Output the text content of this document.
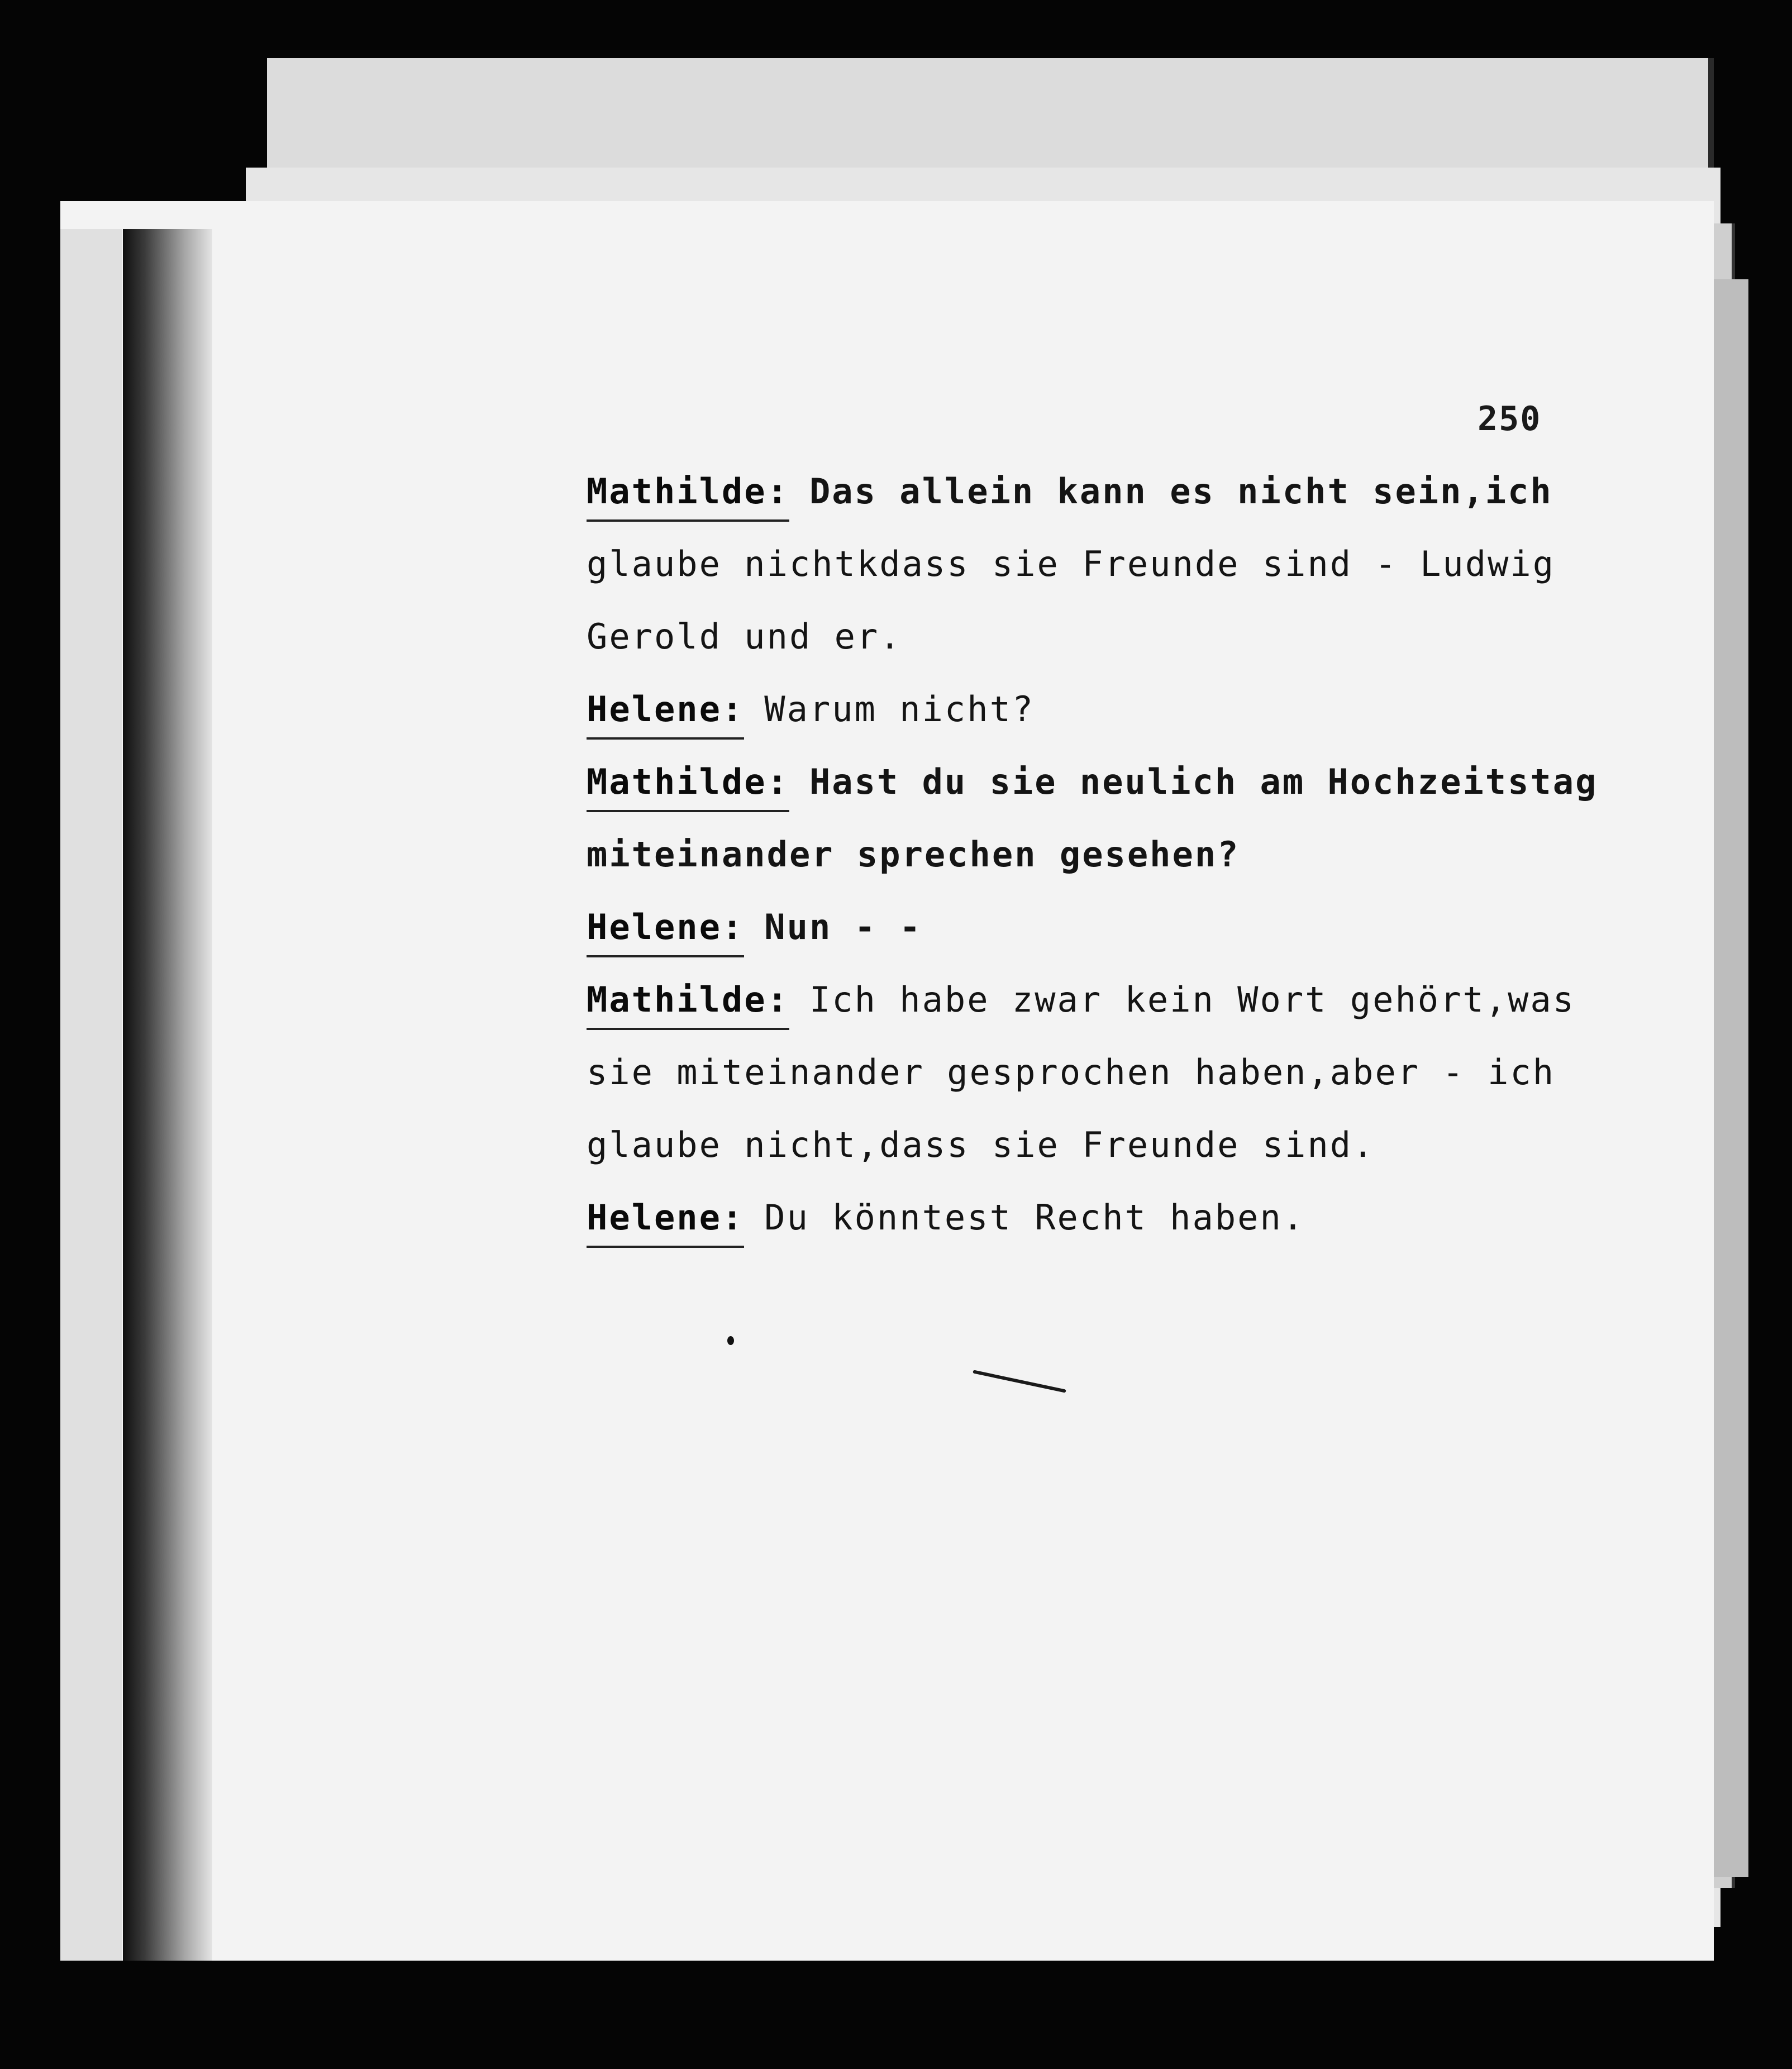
250
Mathilde: Das allein kann es nicht sein,ich
glaube nichtkdass sie Freunde sind - Ludwig
Gerold und er.
Helene: Warum nicht?
Mathilde: Hast du sie neulich am Hochzeitstag
miteinander sprechen gesehen?
Helene: Nun - -
Mathilde: Ich habe zwar kein Wort gehört,was
sie miteinander gesprochen haben,aber - ich
glaube nicht,dass sie Freunde sind.
Helene: Du könntest Recht haben.
